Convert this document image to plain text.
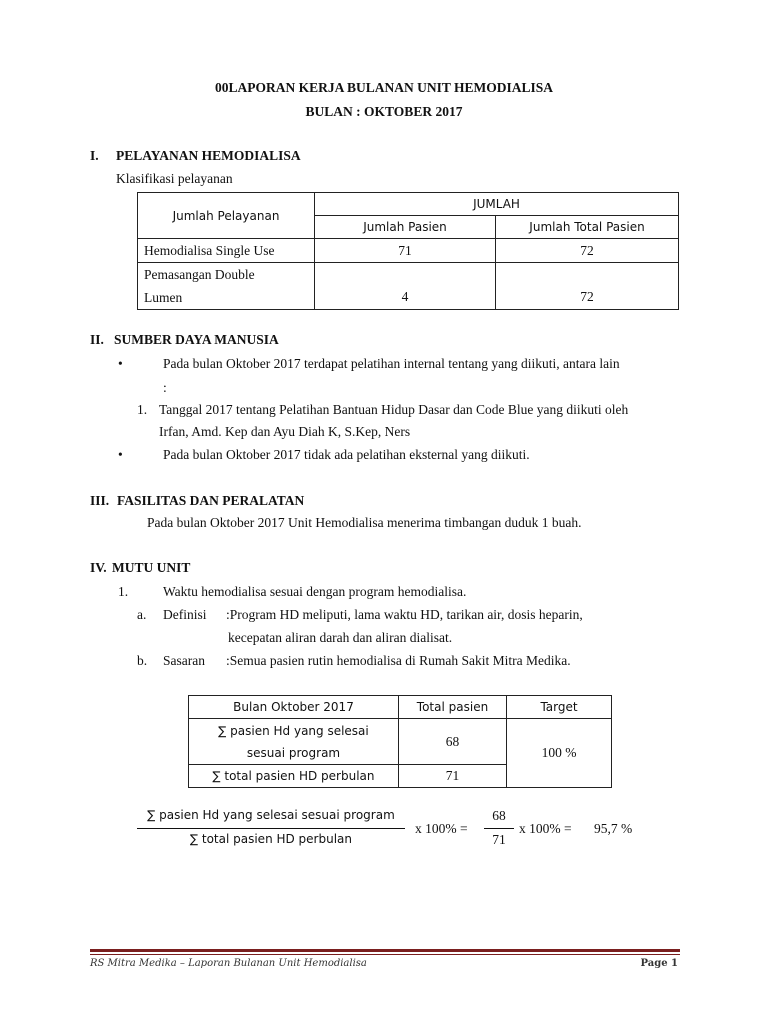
00LAPORAN KERJA BULANAN UNIT HEMODIALISA
BULAN : OKTOBER 2017
I. PELAYANAN HEMODIALISA
Klasifikasi pelayanan
Jumlah Pelayanan	JUMLAH	
	Jumlah Pasien	Jumlah Total Pasien
Hemodialisa Single Use	71	72

Pemasangan Double
Lumen	4	72
II. SUMBER DAYA MANUSIA
•	Pada bulan Oktober 2017 terdapat pelatihan internal tentang yang diikuti, antara lain
:
1. Tanggal 2017 tentang Pelatihan Bantuan Hidup Dasar dan Code Blue yang diikuti oleh
Irfan, Amd. Kep dan Ayu Diah K, S.Kep, Ners
•	Pada bulan Oktober 2017 tidak ada pelatihan eksternal yang diikuti.
III. FASILITAS DAN PERALATAN
Pada bulan Oktober 2017 Unit Hemodialisa menerima timbangan duduk 1 buah.
IV. MUTU UNIT
1.	Waktu hemodialisa sesuai dengan program hemodialisa.
a. Definisi :Program HD meliputi, lama waktu HD, tarikan air, dosis heparin,
kecepatan aliran darah dan aliran dialisat.
b. Sasaran :Semua pasien rutin hemodialisa di Rumah Sakit Mitra Medika.
Bulan Oktober 2017	Total pasien	Target

∑ pasien Hd yang selesai
sesuai program	68	100 %
∑ total pasien HD perbulan	71	
∑ pasien Hd yang selesai sesuai program
∑ total pasien HD perbulan
x 100% =
68
71
x 100% = 95,7 %
RS Mitra Medika – Laporan Bulanan Unit Hemodialisa	Page 1
